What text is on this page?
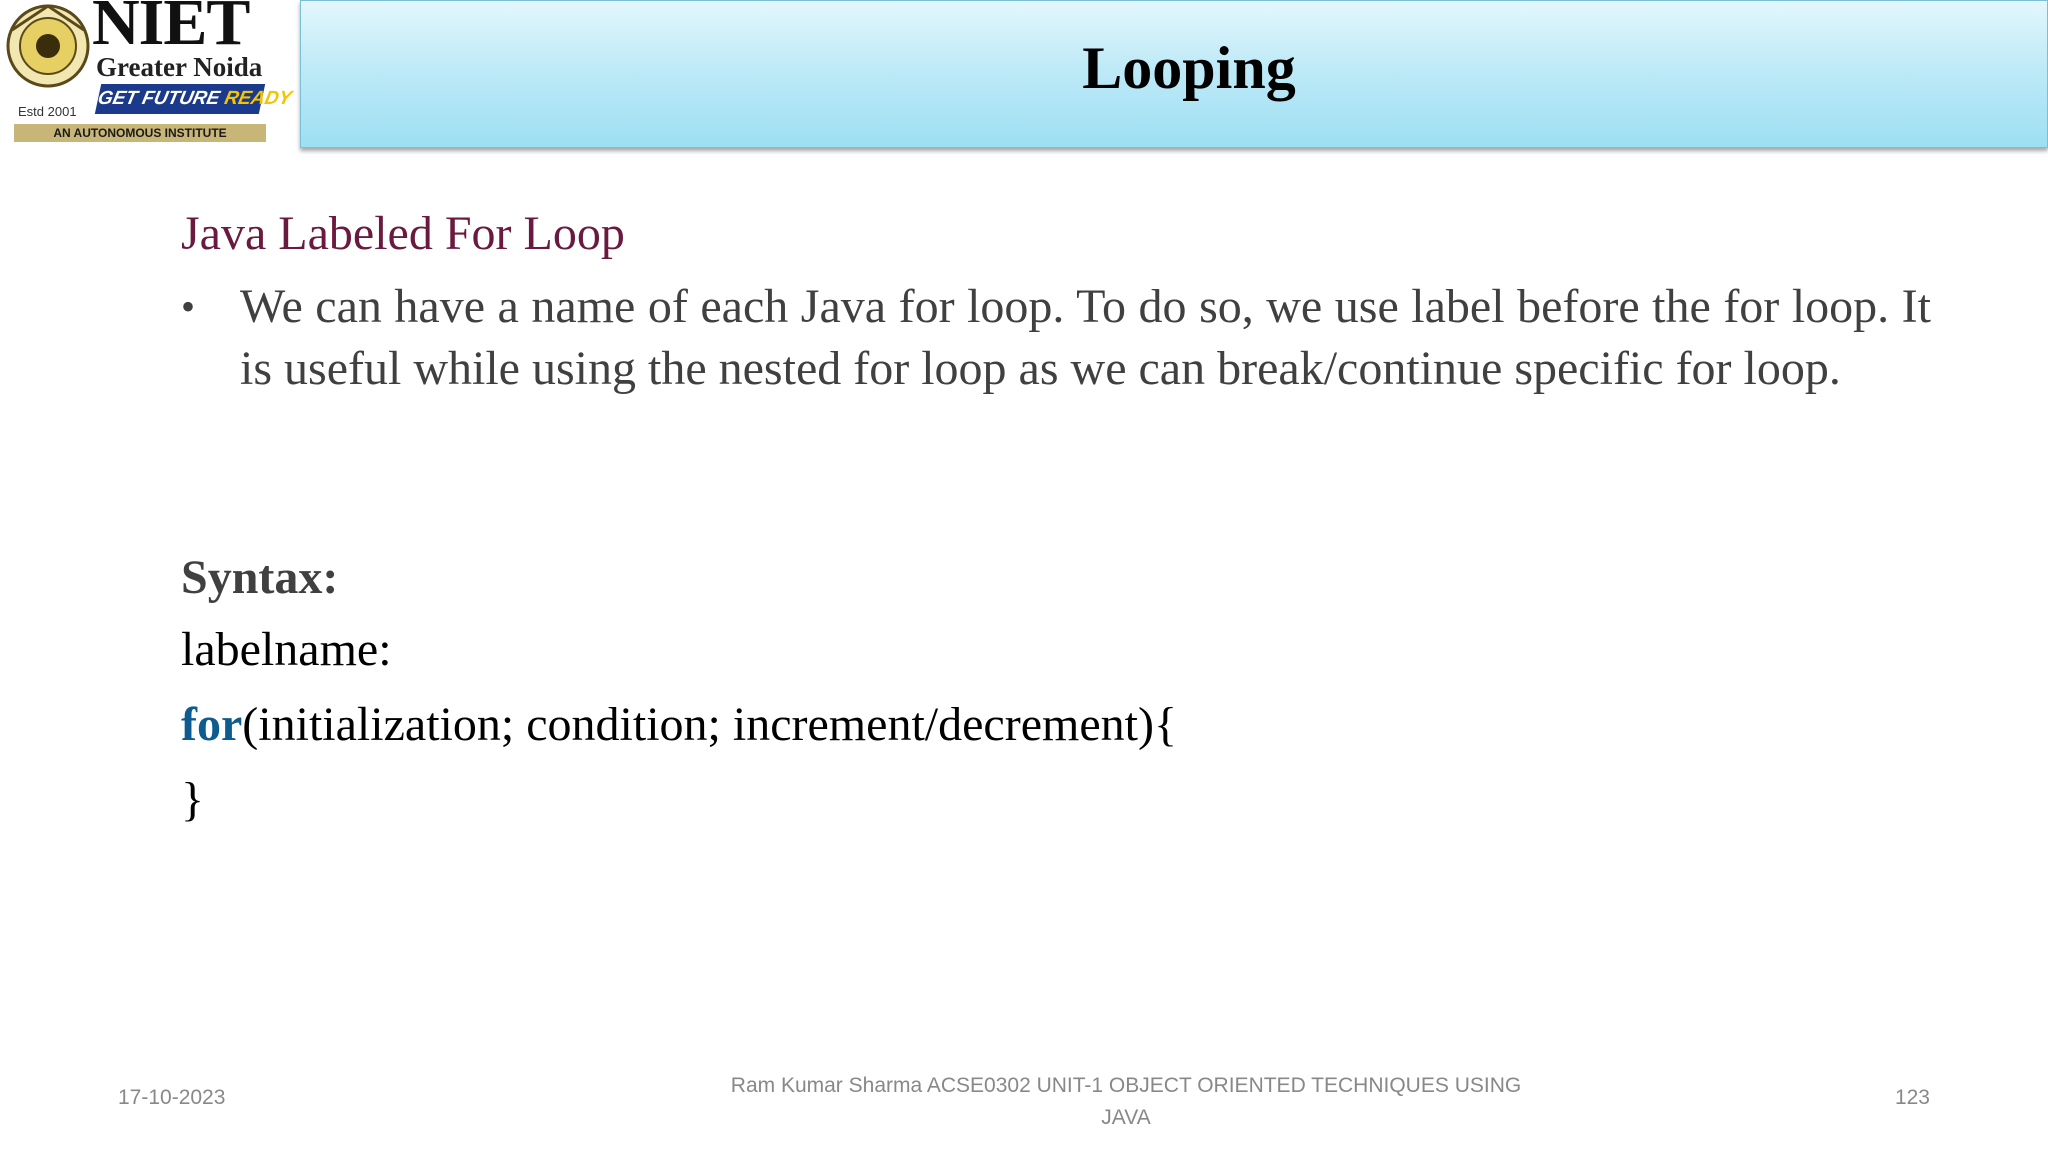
NIET
Greater Noida
Estd 2001
GET FUTURE READY
AN AUTONOMOUS INSTITUTE
Looping
Java Labeled For Loop
• We can have a name of each Java for loop. To do so, we use label before the for loop. It is useful while using the nested for loop as we can break/continue specific for loop.
Syntax:
labelname:
for(initialization; condition; increment/decrement){
}
17-10-2023
Ram Kumar Sharma ACSE0302 UNIT-1 OBJECT ORIENTED TECHNIQUES USING
JAVA
123
